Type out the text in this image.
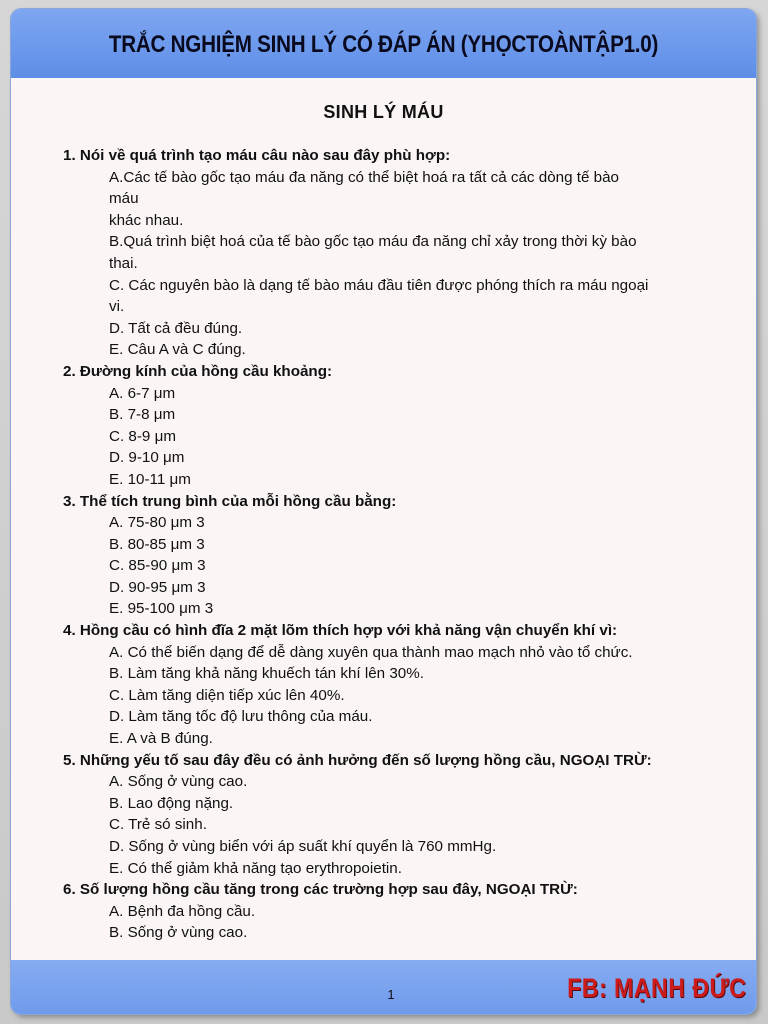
TRẮC NGHIỆM SINH LÝ CÓ ĐÁP ÁN (YHỌCTOÀNTẬP1.0)
SINH LÝ MÁU
1. Nói về quá trình tạo máu câu nào sau đây phù hợp:
A.Các tế bào gốc tạo máu đa năng có thể biệt hoá ra tất cả các dòng tế bào
máu
khác nhau.
B.Quá trình biệt hoá của tế bào gốc tạo máu đa năng chỉ xảy trong thời kỳ bào
thai.
C. Các nguyên bào là dạng tế bào máu đầu tiên được phóng thích ra máu ngoại
vi.
D. Tất cả đều đúng.
E. Câu A và C đúng.
2. Đường kính của hồng cầu khoảng:
A. 6-7 μm
B. 7-8 μm
C. 8-9 μm
D. 9-10 μm
E. 10-11 μm
3. Thể tích trung bình của mỗi hồng cầu bằng:
A. 75-80 μm 3
B. 80-85 μm 3
C. 85-90 μm 3
D. 90-95 μm 3
E. 95-100 μm 3
4. Hồng cầu có hình đĩa 2 mặt lõm thích hợp với khả năng vận chuyển khí vì:
A. Có thể biến dạng để dễ dàng xuyên qua thành mao mạch nhỏ vào tổ chức.
B. Làm tăng khả năng khuếch tán khí lên 30%.
C. Làm tăng diện tiếp xúc lên 40%.
D. Làm tăng tốc độ lưu thông của máu.
E. A và B đúng.
5. Những yếu tố sau đây đều có ảnh hưởng đến số lượng hồng cầu, NGOẠI TRỪ:
A. Sống ở vùng cao.
B. Lao động nặng.
C. Trẻ só sinh.
D. Sống ở vùng biển với áp suất khí quyển là 760 mmHg.
E. Có thể giảm khả năng tạo erythropoietin.
6. Số lượng hồng cầu tăng trong các trường hợp sau đây, NGOẠI TRỪ:
A. Bệnh đa hồng cầu.
B. Sống ở vùng cao.
1	FB: MẠNH ĐỨC
